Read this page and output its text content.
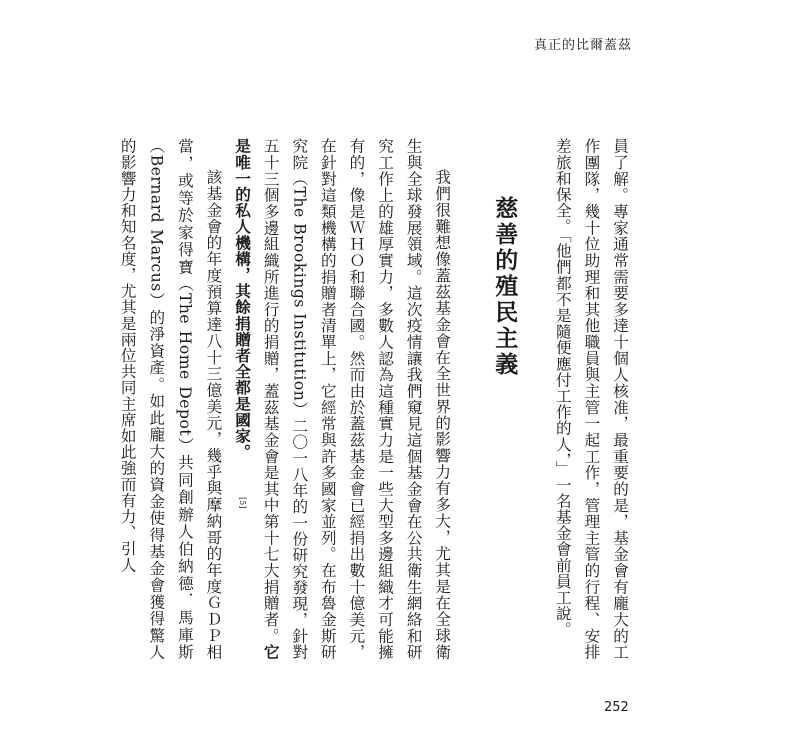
真正的比爾蓋茲

員了解。專家通常需要多達十個人核准，最重要的是，基金會有龐大的工作團隊，幾十位助理和其他職員與主管一起工作，管理主管的行程、安排差旅和保全。「他們都不是隨便應付工作的人，」一名基金會前員工說。

慈善的殖民主義

我們很難想像蓋茲基金會在全世界的影響力有多大，尤其是在全球衛生與全球發展領域。這次疫情讓我們窺見這個基金會在公共衛生網絡和研究工作上的雄厚實力，多數人認為這種實力是一些大型多邊組織才可能擁有的，像是ＷＨＯ和聯合國。然而由於蓋茲基金會已經捐出數十億美元，在針對這類機構的捐贈者清單上，它經常與許多國家並列。在布魯金斯研究院（The Brookings Institution）二〇一八年的一份研究發現，針對五十三個多邊組織所進行的捐贈，蓋茲基金會是其中第十七大捐贈者。它是唯一的私人機構，其餘捐贈者全都是國家。[5]

該基金會的年度預算達八十三億美元，幾乎與摩納哥的年度ＧＤＰ相當，或等於家得寶（The Home Depot）共同創辦人伯納德．馬庫斯（Bernard Marcus）的淨資產。如此龐大的資金使得基金會獲得驚人的影響力和知名度，尤其是兩位共同主席如此強而有力、引人

252
